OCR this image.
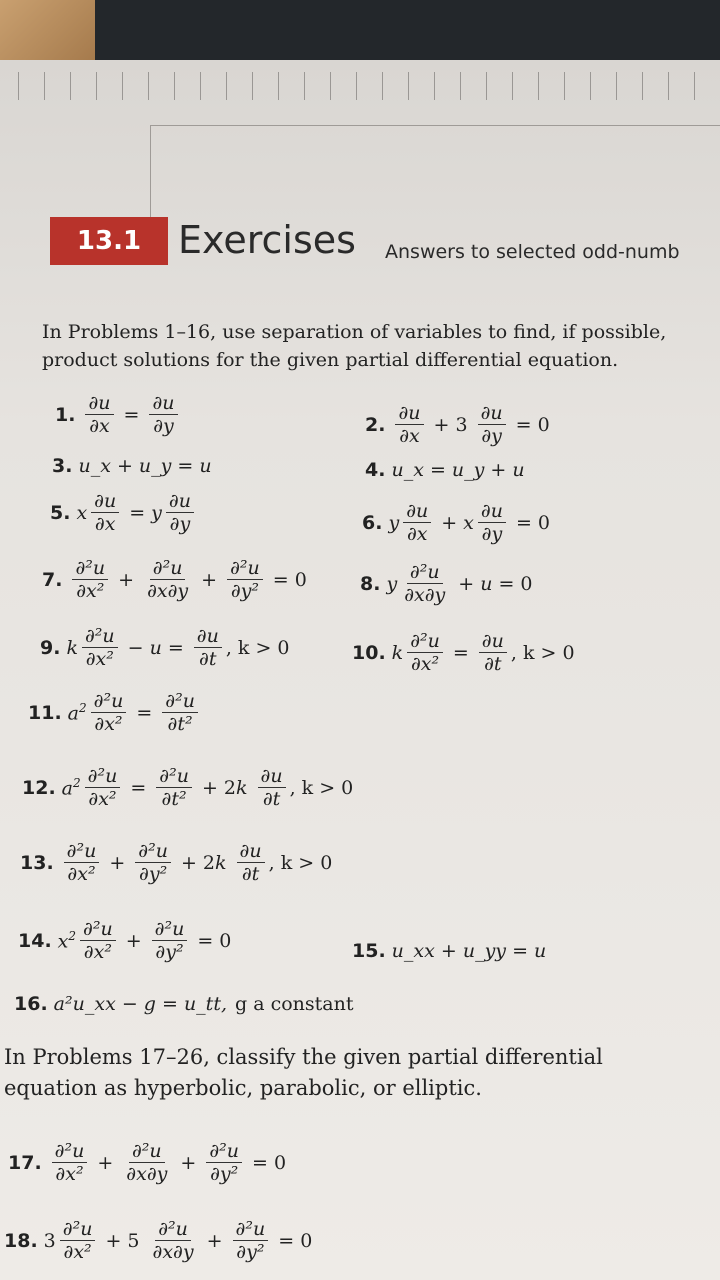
13.1 Exercises Answers to selected odd-numb
In Problems 1–16, use separation of variables to find, if possible, product solutions for the given partial differential equation.
1. $\frac{\partial u}{\partial x} = \frac{\partial u}{\partial y}$	2. $\frac{\partial u}{\partial x} + 3 \frac{\partial u}{\partial y} = 0$
3. u_x + u_y = u	4. u_x = u_y + u
5. x $\frac{\partial u}{\partial x} = y \frac{\partial u}{\partial y}$	6. y $\frac{\partial u}{\partial x} + x \frac{\partial u}{\partial y} = 0$
7. $\frac{\text{∂²u}}{\text{∂x²}} + \frac{\text{∂²u}}{\partial x\partial y} + \frac{\text{∂²u}}{\text{∂y²}} = 0$	8. y $\frac{\text{∂²u}}{\partial x\partial y} + u = 0$
9. k $\frac{\text{∂²u}}{\text{∂x²}} - u = \frac{\partial u}{\partial t}$ , k > 0	10. k $\frac{\text{∂²u}}{\text{∂x²}} = \frac{\partial u}{\partial t}$ , k > 0
11. $a^2 \frac{\text{∂²u}}{\text{∂x²}} = \frac{\text{∂²u}}{\text{∂t²}}$
12. $a^2 \frac{\text{∂²u}}{\text{∂x²}} = \frac{\text{∂²u}}{\text{∂t²}} + 2k \frac{\partial u}{\partial t}$ , k > 0
13. $\frac{\text{∂²u}}{\text{∂x²}} + \frac{\text{∂²u}}{\text{∂y²}} + 2k \frac{\partial u}{\partial t}$ , k > 0
14. $x^2 \frac{\text{∂²u}}{\text{∂x²}} + \frac{\text{∂²u}}{\text{∂y²}} = 0$	15. u_xx + u_yy = u
16. a²u_xx − g = u_tt, g a constant
In Problems 17–26, classify the given partial differential equation as hyperbolic, parabolic, or elliptic.
17. $\frac{\text{∂²u}}{\text{∂x²}} + \frac{\text{∂²u}}{\partial x\partial y} + \frac{\text{∂²u}}{\text{∂y²}} = 0$
18. $3 \frac{\text{∂²u}}{\text{∂x²}} + 5 \frac{\text{∂²u}}{\partial x\partial y} + \frac{\text{∂²u}}{\text{∂y²}} = 0$
